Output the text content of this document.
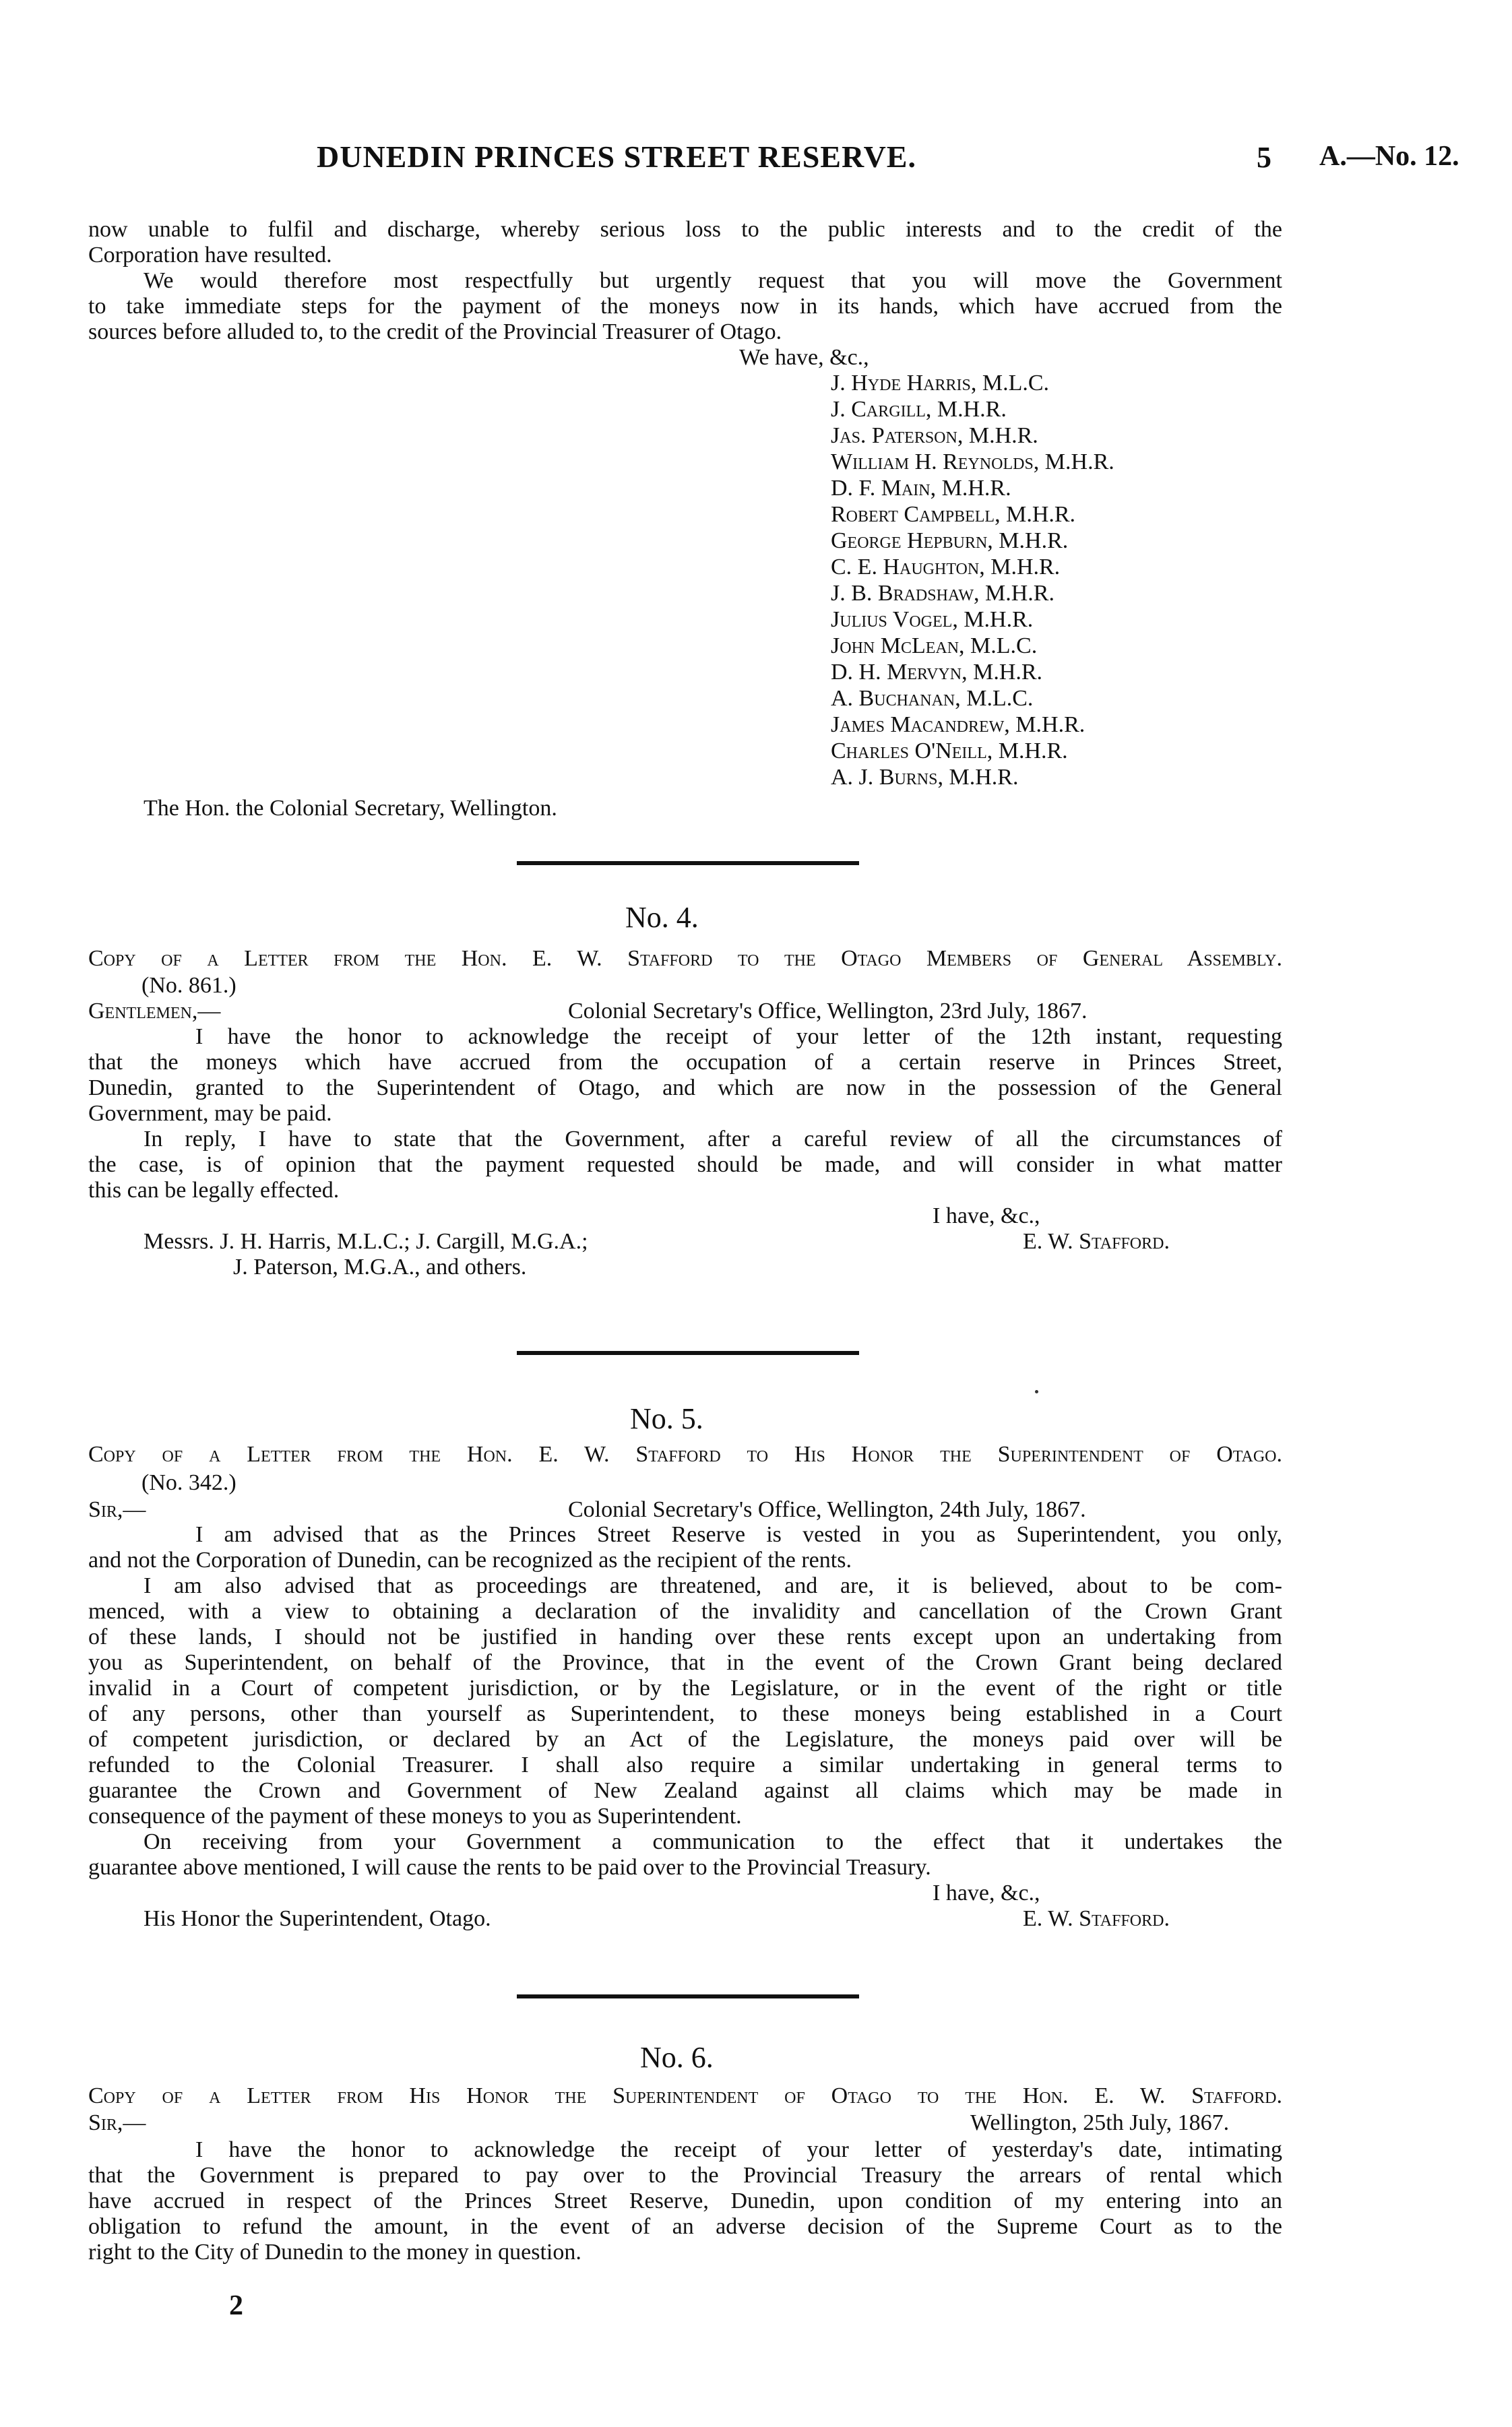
DUNEDIN PRINCES STREET RESERVE.	5 A.—No. 12.
now unable to fulfil and discharge, whereby serious loss to the public interests and to the credit of the
Corporation have resulted.
We would therefore most respectfully but urgently request that you will move the Government
to take immediate steps for the payment of the moneys now in its hands, which have accrued from the
sources before alluded to, to the credit of the Provincial Treasurer of Otago.
We have, &c.,
J. Hyde Harris, M.L.C.
J. Cargill, M.H.R.
Jas. Paterson, M.H.R.
William H. Reynolds, M.H.R.
D. F. Main, M.H.R.
Robert Campbell, M.H.R.
George Hepburn, M.H.R.
C. E. Haughton, M.H.R.
J. B. Bradshaw, M.H.R.
Julius Vogel, M.H.R.
John McLean, M.L.C.
D. H. Mervyn, M.H.R.
A. Buchanan, M.L.C.
James Macandrew, M.H.R.
Charles O'Neill, M.H.R.
A. J. Burns, M.H.R.
The Hon. the Colonial Secretary, Wellington.
No. 4.
Copy of a Letter from the Hon. E. W. Stafford to the Otago Members of General Assembly.
(No. 861.)
Gentlemen,—	Colonial Secretary's Office, Wellington, 23rd July, 1867.
I have the honor to acknowledge the receipt of your letter of the 12th instant, requesting
that the moneys which have accrued from the occupation of a certain reserve in Princes Street,
Dunedin, granted to the Superintendent of Otago, and which are now in the possession of the General
Government, may be paid.
In reply, I have to state that the Government, after a careful review of all the circumstances of
the case, is of opinion that the payment requested should be made, and will consider in what matter
this can be legally effected.
I have, &c.,
E. W. Stafford.
Messrs. J. H. Harris, M.L.C.; J. Cargill, M.G.A.;
J. Paterson, M.G.A., and others.
No. 5.
Copy of a Letter from the Hon. E. W. Stafford to His Honor the Superintendent of Otago.
(No. 342.)
Sir,—	Colonial Secretary's Office, Wellington, 24th July, 1867.
I am advised that as the Princes Street Reserve is vested in you as Superintendent, you only,
and not the Corporation of Dunedin, can be recognized as the recipient of the rents.
I am also advised that as proceedings are threatened, and are, it is believed, about to be com-
menced, with a view to obtaining a declaration of the invalidity and cancellation of the Crown Grant
of these lands, I should not be justified in handing over these rents except upon an undertaking from
you as Superintendent, on behalf of the Province, that in the event of the Crown Grant being declared
invalid in a Court of competent jurisdiction, or by the Legislature, or in the event of the right or title
of any persons, other than yourself as Superintendent, to these moneys being established in a Court
of competent jurisdiction, or declared by an Act of the Legislature, the moneys paid over will be
refunded to the Colonial Treasurer. I shall also require a similar undertaking in general terms to
guarantee the Crown and Government of New Zealand against all claims which may be made in
consequence of the payment of these moneys to you as Superintendent.
On receiving from your Government a communication to the effect that it undertakes the
guarantee above mentioned, I will cause the rents to be paid over to the Provincial Treasury.
I have, &c.,
E. W. Stafford.
His Honor the Superintendent, Otago.
No. 6.
Copy of a Letter from His Honor the Superintendent of Otago to the Hon. E. W. Stafford.
Sir,—	Wellington, 25th July, 1867.
I have the honor to acknowledge the receipt of your letter of yesterday's date, intimating
that the Government is prepared to pay over to the Provincial Treasury the arrears of rental which
have accrued in respect of the Princes Street Reserve, Dunedin, upon condition of my entering into an
obligation to refund the amount, in the event of an adverse decision of the Supreme Court as to the
right to the City of Dunedin to the money in question.
2
